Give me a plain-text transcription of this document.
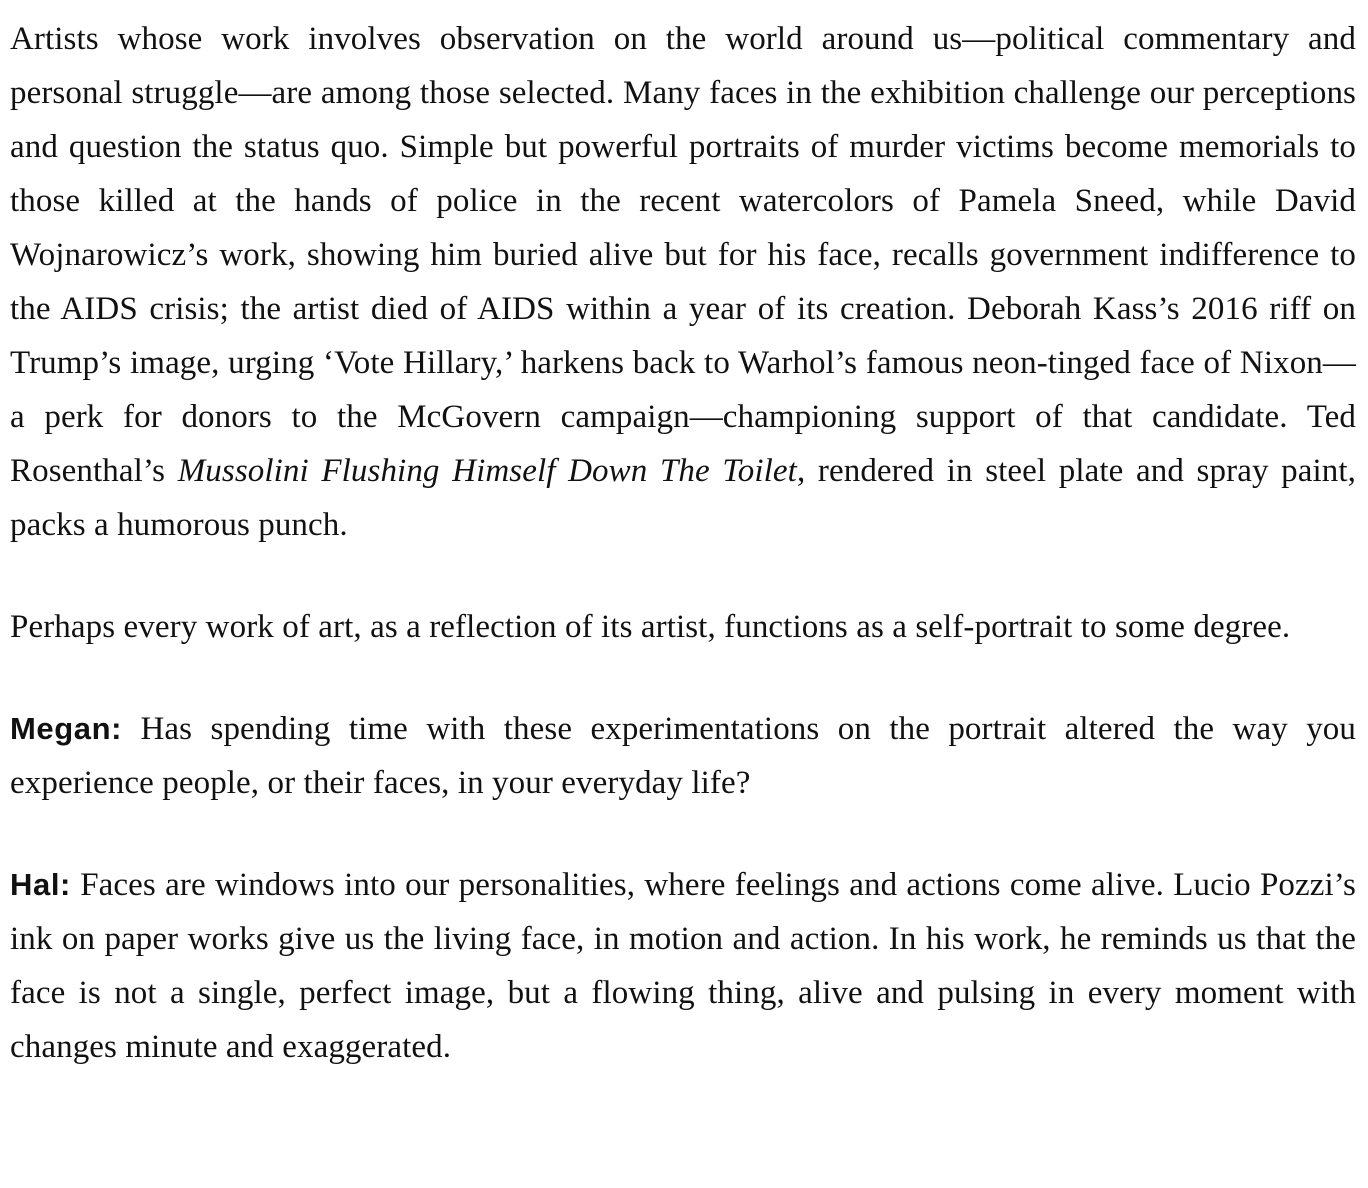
Artists whose work involves observation on the world around us—political commentary and personal struggle—are among those selected. Many faces in the exhibition challenge our perceptions and question the status quo. Simple but powerful portraits of murder victims become memorials to those killed at the hands of police in the recent watercolors of Pamela Sneed, while David Wojnarowicz’s work, showing him buried alive but for his face, recalls government indifference to the AIDS crisis; the artist died of AIDS within a year of its creation. Deborah Kass’s 2016 riff on Trump’s image, urging ‘Vote Hillary,’ harkens back to Warhol’s famous neon-tinged face of Nixon—a perk for donors to the McGovern campaign—championing support of that candidate. Ted Rosenthal’s Mussolini Flushing Himself Down The Toilet, rendered in steel plate and spray paint, packs a humorous punch.

Perhaps every work of art, as a reflection of its artist, functions as a self-portrait to some degree.

Megan: Has spending time with these experimentations on the portrait altered the way you experience people, or their faces, in your everyday life?

Hal: Faces are windows into our personalities, where feelings and actions come alive. Lucio Pozzi’s ink on paper works give us the living face, in motion and action. In his work, he reminds us that the face is not a single, perfect image, but a flowing thing, alive and pulsing in every moment with changes minute and exaggerated.
